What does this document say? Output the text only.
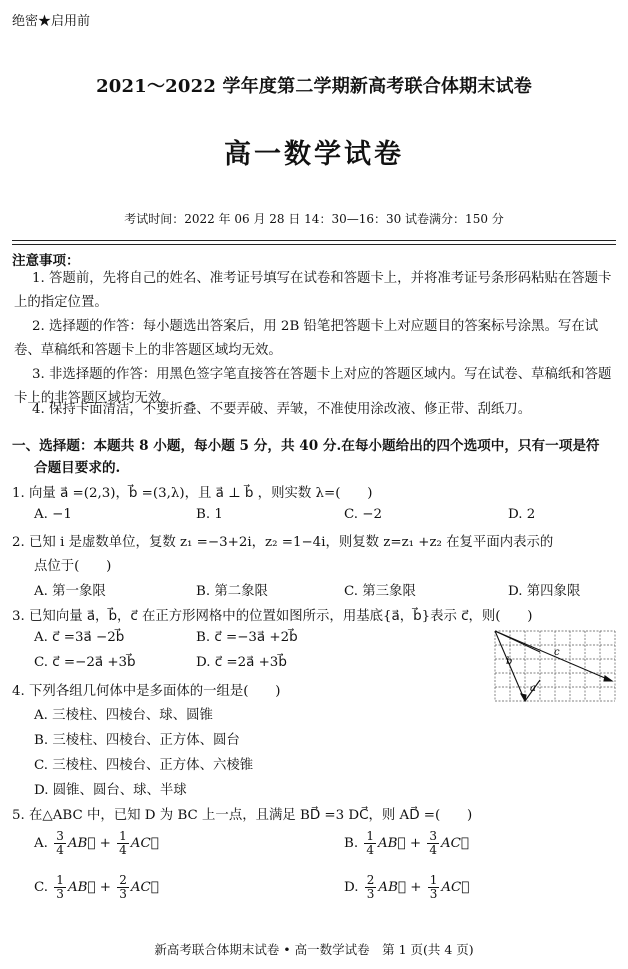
绝密★启用前
2021～2022 学年度第二学期新高考联合体期末试卷
高一数学试卷
考试时间：2022 年 06 月 28 日 14：30—16：30 试卷满分：150 分
注意事项：
1. 答题前，先将自己的姓名、准考证号填写在试卷和答题卡上，并将准考证号条形码粘贴在答题卡上的指定位置。
2. 选择题的作答：每小题选出答案后，用 2B 铅笔把答题卡上对应题目的答案标号涂黑。写在试卷、草稿纸和答题卡上的非答题区域均无效。
3. 非选择题的作答：用黑色签字笔直接答在答题卡上对应的答题区域内。写在试卷、草稿纸和答题卡上的非答题区域均无效。
4. 保持卡面清洁，不要折叠、不要弄破、弄皱，不准使用涂改液、修正带、刮纸刀。
一、选择题：本题共 8 小题，每小题 5 分，共 40 分.在每小题给出的四个选项中，只有一项是符
合题目要求的.
1. 向量 a⃗ =(2,3)，b⃗ =(3,λ)，且 a⃗ ⊥ b⃗ ，则实数 λ=(　　)
A. −1	B. 1	C. −2	D. 2
2. 已知 i 是虚数单位，复数 z₁ =−3+2i，z₂ =1−4i，则复数 z=z₁ +z₂ 在复平面内表示的
点位于(　　)
A. 第一象限	B. 第二象限	C. 第三象限	D. 第四象限
3. 已知向量 a⃗，b⃗，c⃗ 在正方形网格中的位置如图所示，用基底{a⃗，b⃗}表示 c⃗，则(　　)
A. c⃗ =3a⃗ −2b⃗	B. c⃗ =−3a⃗ +2b⃗
C. c⃗ =−2a⃗ +3b⃗	D. c⃗ =2a⃗ +3b⃗	b
c
a
4. 下列各组几何体中是多面体的一组是(　　)
A. 三棱柱、四棱台、球、圆锥
B. 三棱柱、四棱台、正方体、圆台
C. 三棱柱、四棱台、正方体、六棱锥
D. 圆锥、圆台、球、半球
5. 在△ABC 中，已知 D 为 BC 上一点，且满足 BD⃗ =3 DC⃗，则 AD⃗ =(　　)
A. $\frac{3}{4}$ AB⃗ + $\frac{1}{4}$ AC⃗	B. $\frac{1}{4}$ AB⃗ + $\frac{3}{4}$ AC⃗
C. $\frac{1}{3}$ AB⃗ + $\frac{2}{3}$ AC⃗	D. $\frac{2}{3}$ AB⃗ + $\frac{1}{3}$ AC⃗
新高考联合体期末试卷 • 高一数学试卷　第 1 页(共 4 页)
